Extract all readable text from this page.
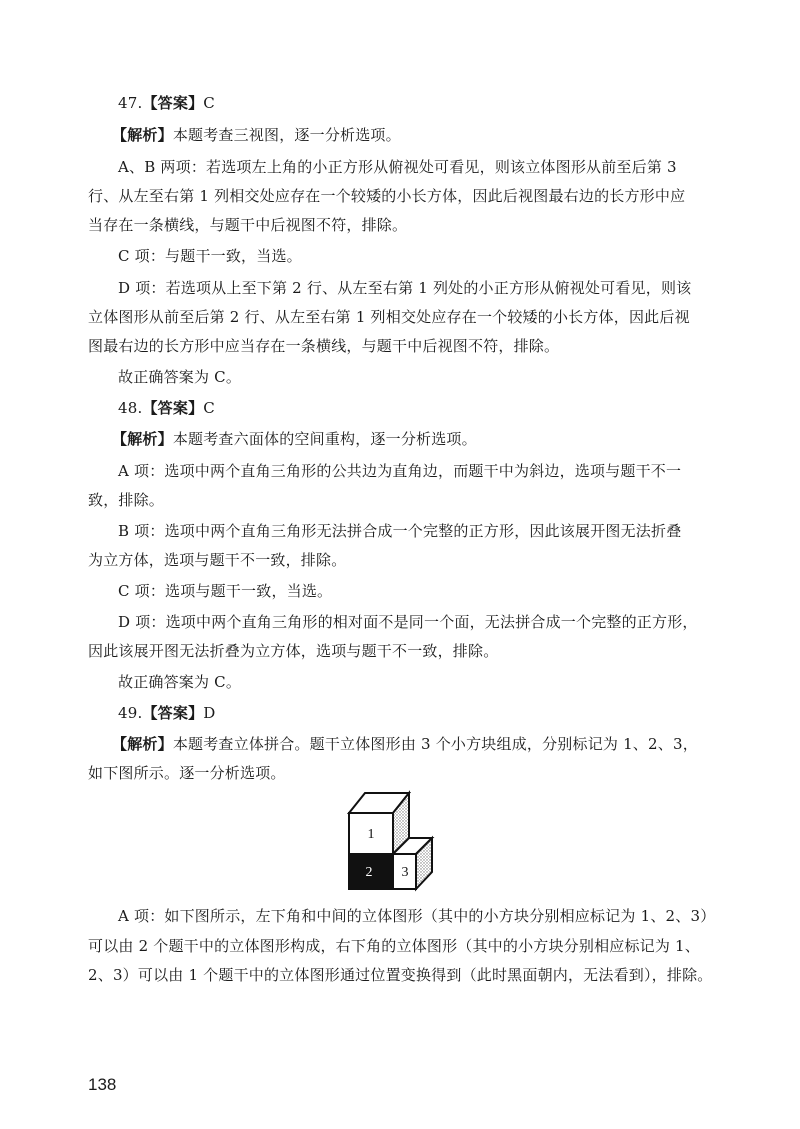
47.【答案】C
【解析】本题考查三视图，逐一分析选项。
A、B 两项：若选项左上角的小正方形从俯视处可看见，则该立体图形从前至后第 3
行、从左至右第 1 列相交处应存在一个较矮的小长方体，因此后视图最右边的长方形中应
当存在一条横线，与题干中后视图不符，排除。
C 项：与题干一致，当选。
D 项：若选项从上至下第 2 行、从左至右第 1 列处的小正方形从俯视处可看见，则该
立体图形从前至后第 2 行、从左至右第 1 列相交处应存在一个较矮的小长方体，因此后视
图最右边的长方形中应当存在一条横线，与题干中后视图不符，排除。
故正确答案为 C。
48.【答案】C
【解析】本题考查六面体的空间重构，逐一分析选项。
A 项：选项中两个直角三角形的公共边为直角边，而题干中为斜边，选项与题干不一
致，排除。
B 项：选项中两个直角三角形无法拼合成一个完整的正方形，因此该展开图无法折叠
为立方体，选项与题干不一致，排除。
C 项：选项与题干一致，当选。
D 项：选项中两个直角三角形的相对面不是同一个面，无法拼合成一个完整的正方形，
因此该展开图无法折叠为立方体，选项与题干不一致，排除。
故正确答案为 C。
49.【答案】D
【解析】本题考查立体拼合。题干立体图形由 3 个小方块组成，分别标记为 1、2、3，
如下图所示。逐一分析选项。
1
2 3
A 项：如下图所示，左下角和中间的立体图形（其中的小方块分别相应标记为 1、2、3）
可以由 2 个题干中的立体图形构成，右下角的立体图形（其中的小方块分别相应标记为 1、
2、3）可以由 1 个题干中的立体图形通过位置变换得到（此时黑面朝内，无法看到），排除。
138
